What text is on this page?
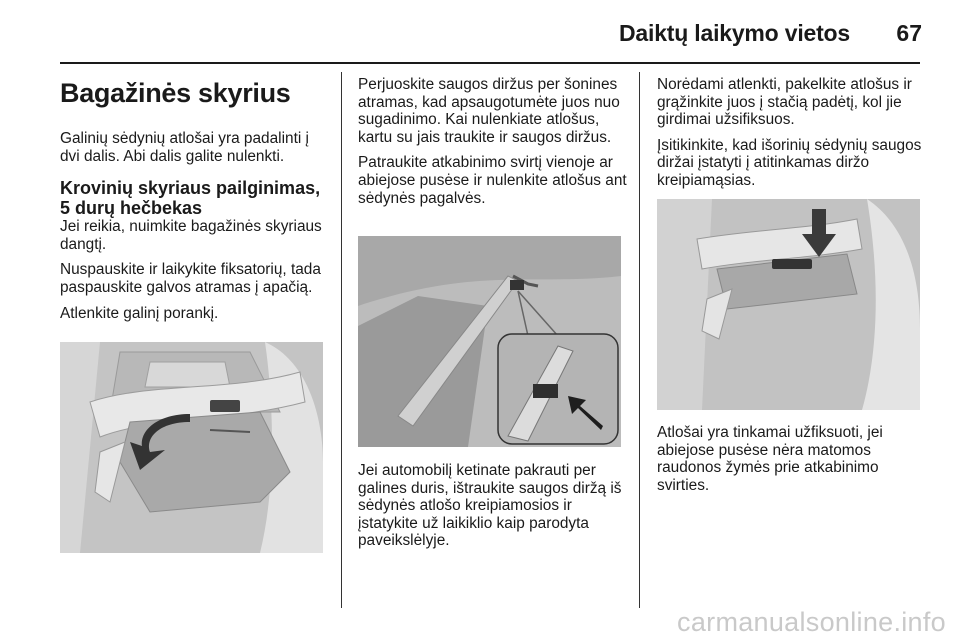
Daiktų laikymo vietos	67
Bagažinės skyrius

Galinių sėdynių atlošai yra padalinti į dvi dalis. Abi dalis galite nulenkti.

Krovinių skyriaus pailginimas,
5 durų hečbekas

Jei reikia, nuimkite bagažinės skyriaus dangtį.

Nuspauskite ir laikykite fiksatorių, tada paspauskite galvos atramas į apačią.

Atlenkite galinį porankį.

Perjuoskite saugos diržus per šonines atramas, kad apsaugotumėte juos nuo sugadinimo. Kai nulenkiate atlošus, kartu su jais traukite ir saugos diržus.

Patraukite atkabinimo svirtį vienoje ar abiejose pusėse ir nulenkite atlošus ant sėdynės pagalvės.

Jei automobilį ketinate pakrauti per galines duris, ištraukite saugos diržą iš sėdynės atlošo kreipiamosios ir įstatykite už laikiklio kaip parodyta paveikslėlyje.

Norėdami atlenkti, pakelkite atlošus ir grąžinkite juos į stačią padėtį, kol jie girdimai užsifiksuos.

Įsitikinkite, kad išorinių sėdynių saugos diržai įstatyti į atitinkamas diržo kreipiamąsias.

Atlošai yra tinkamai užfiksuoti, jei abiejose pusėse nėra matomos raudonos žymės prie atkabinimo svirties.

carmanualsonline.info
